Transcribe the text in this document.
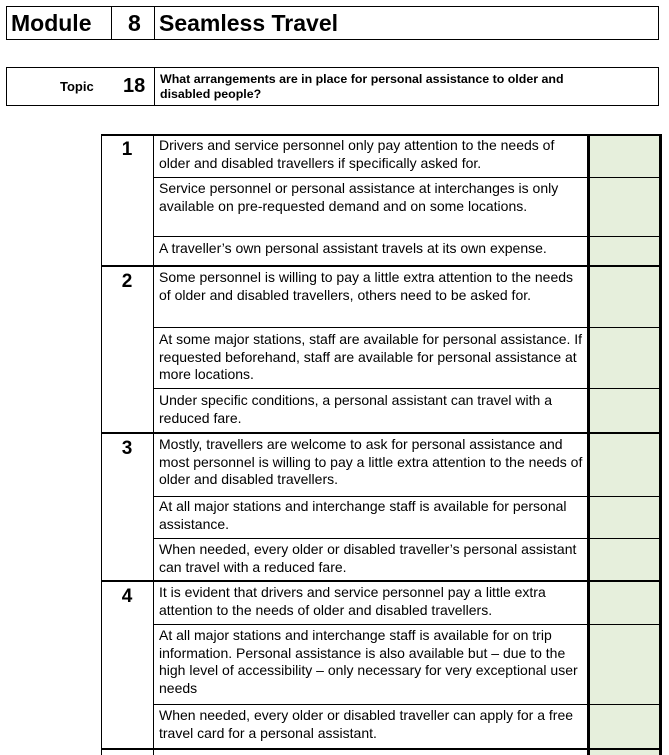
Module 8 Seamless Travel
Topic 18 What arrangements are in place for personal assistance to older and disabled people?
1	Drivers and service personnel only pay attention to the needs of older and disabled travellers if specifically asked for.
Service personnel or personal assistance at interchanges is only available on pre-requested demand and on some locations.
A traveller’s own personal assistant travels at its own expense.
2	Some personnel is willing to pay a little extra attention to the needs of older and disabled travellers, others need to be asked for.
At some major stations, staff are available for personal assistance. If requested beforehand, staff are available for personal assistance at more locations.
Under specific conditions, a personal assistant can travel with a reduced fare.
3	Mostly, travellers are welcome to ask for personal assistance and most personnel is willing to pay a little extra attention to the needs of older and disabled travellers.
At all major stations and interchange staff is available for personal assistance.
When needed, every older or disabled traveller’s personal assistant can travel with a reduced fare.
4	It is evident that drivers and service personnel pay a little extra attention to the needs of older and disabled travellers.
At all major stations and interchange staff is available for on trip information. Personal assistance is also available but – due to the high level of accessibility – only necessary for very exceptional user needs
When needed, every older or disabled traveller can apply for a free travel card for a personal assistant.
